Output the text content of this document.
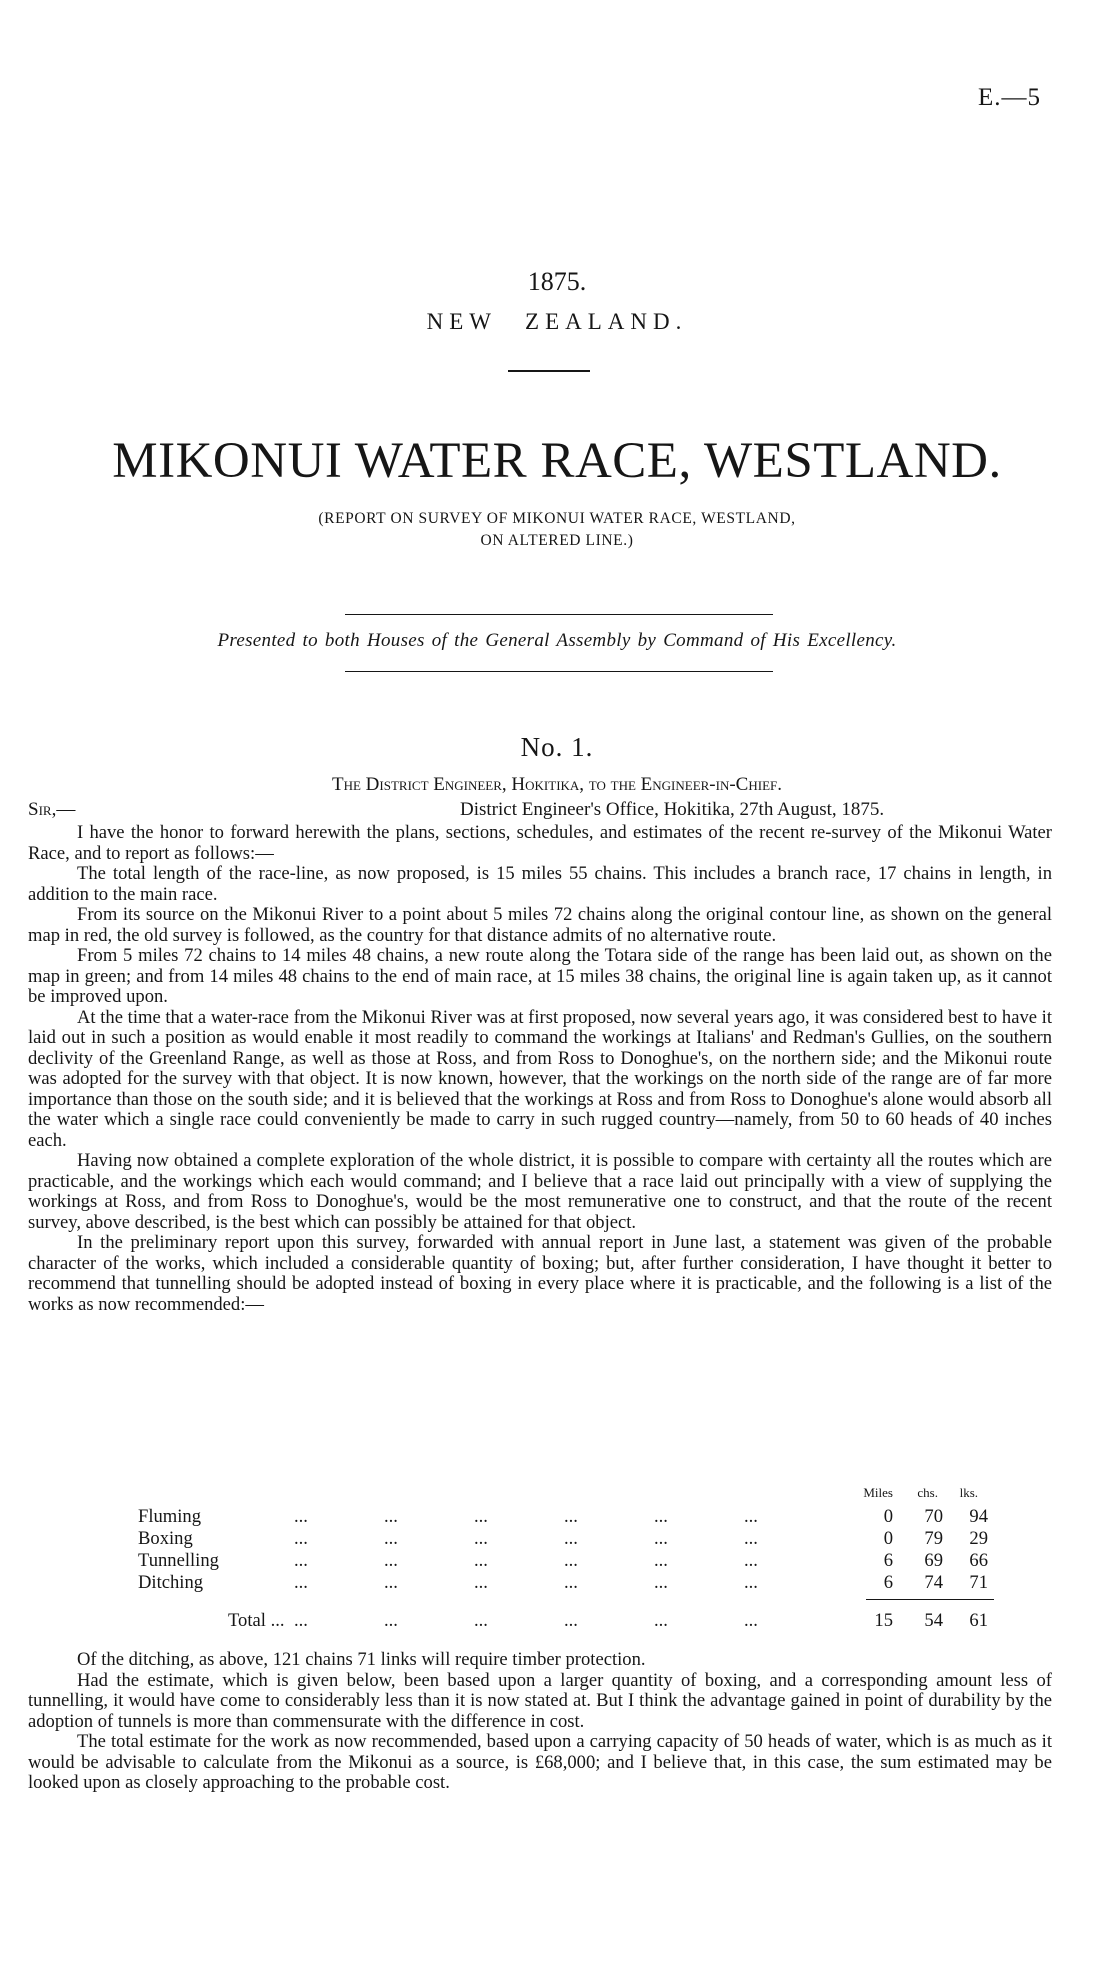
E.—5
1875.
NEW ZEALAND.
MIKONUI WATER RACE, WESTLAND.
(REPORT ON SURVEY OF MIKONUI WATER RACE, WESTLAND,
ON ALTERED LINE.)
Presented to both Houses of the General Assembly by Command of His Excellency.
No. 1.
The District Engineer, Hokitika, to the Engineer-in-Chief.
Sir,—	District Engineer's Office, Hokitika, 27th August, 1875.

I have the honor to forward herewith the plans, sections, schedules, and estimates of the recent re-survey of the Mikonui Water Race, and to report as follows:—

The total length of the race-line, as now proposed, is 15 miles 55 chains. This includes a branch race, 17 chains in length, in addition to the main race.

From its source on the Mikonui River to a point about 5 miles 72 chains along the original contour line, as shown on the general map in red, the old survey is followed, as the country for that distance admits of no alternative route.

From 5 miles 72 chains to 14 miles 48 chains, a new route along the Totara side of the range has been laid out, as shown on the map in green; and from 14 miles 48 chains to the end of main race, at 15 miles 38 chains, the original line is again taken up, as it cannot be improved upon.

At the time that a water-race from the Mikonui River was at first proposed, now several years ago, it was considered best to have it laid out in such a position as would enable it most readily to command the workings at Italians' and Redman's Gullies, on the southern declivity of the Greenland Range, as well as those at Ross, and from Ross to Donoghue's, on the northern side; and the Mikonui route was adopted for the survey with that object. It is now known, however, that the workings on the north side of the range are of far more importance than those on the south side; and it is believed that the workings at Ross and from Ross to Donoghue's alone would absorb all the water which a single race could conveniently be made to carry in such rugged country—namely, from 50 to 60 heads of 40 inches each.

Having now obtained a complete exploration of the whole district, it is possible to compare with certainty all the routes which are practicable, and the workings which each would command; and I believe that a race laid out principally with a view of supplying the workings at Ross, and from Ross to Donoghue's, would be the most remunerative one to construct, and that the route of the recent survey, above described, is the best which can possibly be attained for that object.

In the preliminary report upon this survey, forwarded with annual report in June last, a statement was given of the probable character of the works, which included a considerable quantity of boxing; but, after further consideration, I have thought it better to recommend that tunnelling should be adopted instead of boxing in every place where it is practicable, and the following is a list of the works as now recommended:—

Miles chs. lks.
Fluming	...	...	...	...	...	...	0	70	94
Boxing	...	...	...	...	...	...	0	79	29
Tunnelling	...	...	...	...	...	...	6	69	66
Ditching	...	...	...	...	...	...	6	74	71
Total ... ...	...	...	...	...	...	15	54	61

Of the ditching, as above, 121 chains 71 links will require timber protection.

Had the estimate, which is given below, been based upon a larger quantity of boxing, and a corresponding amount less of tunnelling, it would have come to considerably less than it is now stated at. But I think the advantage gained in point of durability by the adoption of tunnels is more than commensurate with the difference in cost.

The total estimate for the work as now recommended, based upon a carrying capacity of 50 heads of water, which is as much as it would be advisable to calculate from the Mikonui as a source, is £68,000; and I believe that, in this case, the sum estimated may be looked upon as closely approaching to the probable cost.
